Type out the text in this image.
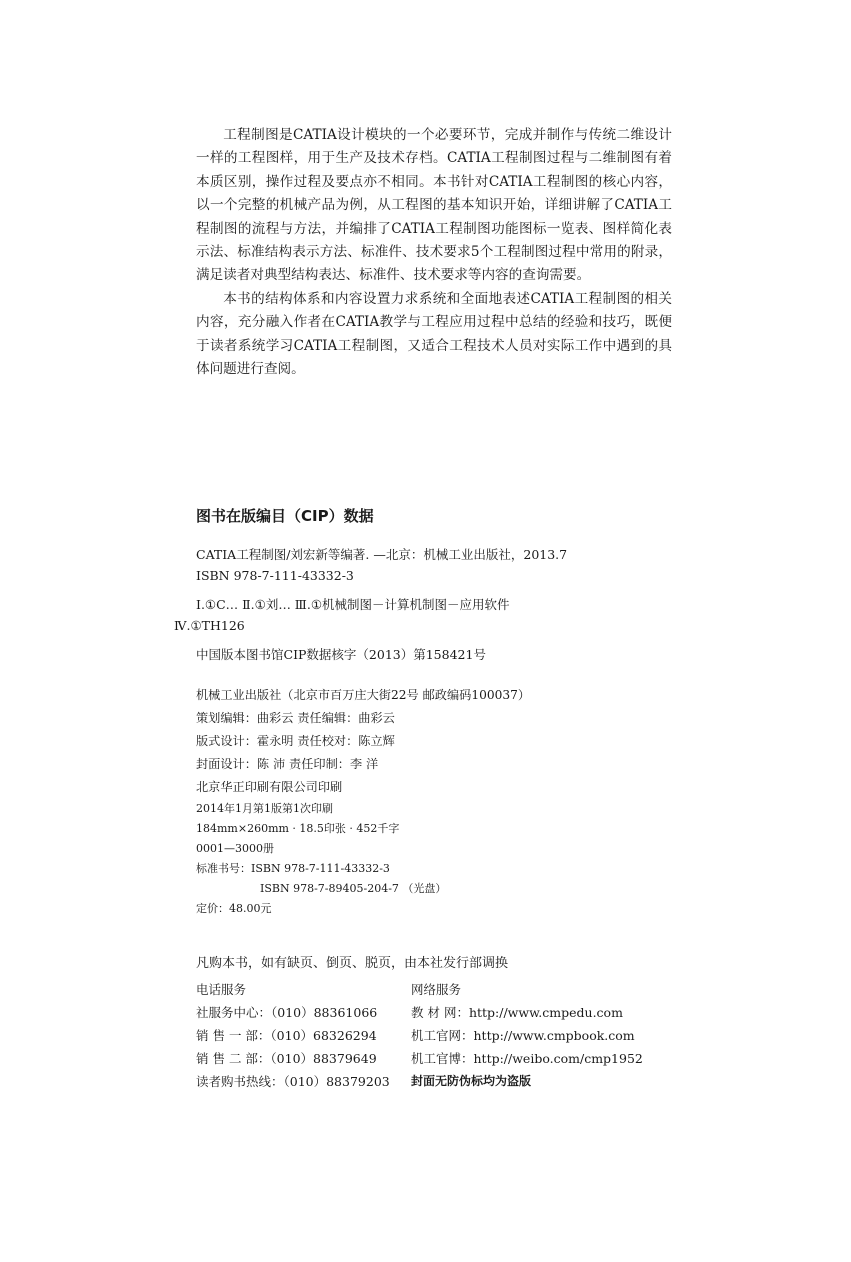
工程制图是CATIA设计模块的一个必要环节，完成并制作与传统二维设计一样的工程图样，用于生产及技术存档。CATIA工程制图过程与二维制图有着本质区别，操作过程及要点亦不相同。本书针对CATIA工程制图的核心内容，以一个完整的机械产品为例，从工程图的基本知识开始，详细讲解了CATIA工程制图的流程与方法，并编排了CATIA工程制图功能图标一览表、图样简化表示法、标准结构表示方法、标准件、技术要求5个工程制图过程中常用的附录，满足读者对典型结构表达、标准件、技术要求等内容的查询需要。

本书的结构体系和内容设置力求系统和全面地表述CATIA工程制图的相关内容，充分融入作者在CATIA教学与工程应用过程中总结的经验和技巧，既便于读者系统学习CATIA工程制图，又适合工程技术人员对实际工作中遇到的具体问题进行查阅。

图书在版编目（CIP）数据
CATIA工程制图/刘宏新等编著. —北京：机械工业出版社，2013.7
ISBN 978-7-111-43332-3
Ⅰ.①C… Ⅱ.①刘… Ⅲ.①机械制图－计算机制图－应用软件
Ⅳ.①TH126
中国版本图书馆CIP数据核字（2013）第158421号
机械工业出版社（北京市百万庄大街22号 邮政编码100037）
策划编辑：曲彩云 责任编辑：曲彩云
版式设计：霍永明 责任校对：陈立辉
封面设计：陈 沛 责任印制：李 洋
北京华正印刷有限公司印刷
2014年1月第1版第1次印刷
184mm×260mm · 18.5印张 · 452千字
0001—3000册
标准书号：ISBN 978-7-111-43332-3
ISBN 978-7-89405-204-7 （光盘）
定价：48.00元
凡购本书，如有缺页、倒页、脱页，由本社发行部调换
电话服务	网络服务
社服务中心：（010）88361066	教 材 网：http://www.cmpedu.com
销 售 一 部：（010）68326294	机工官网：http://www.cmpbook.com
销 售 二 部：（010）88379649	机工官博：http://weibo.com/cmp1952
读者购书热线：（010）88379203	封面无防伪标均为盗版
